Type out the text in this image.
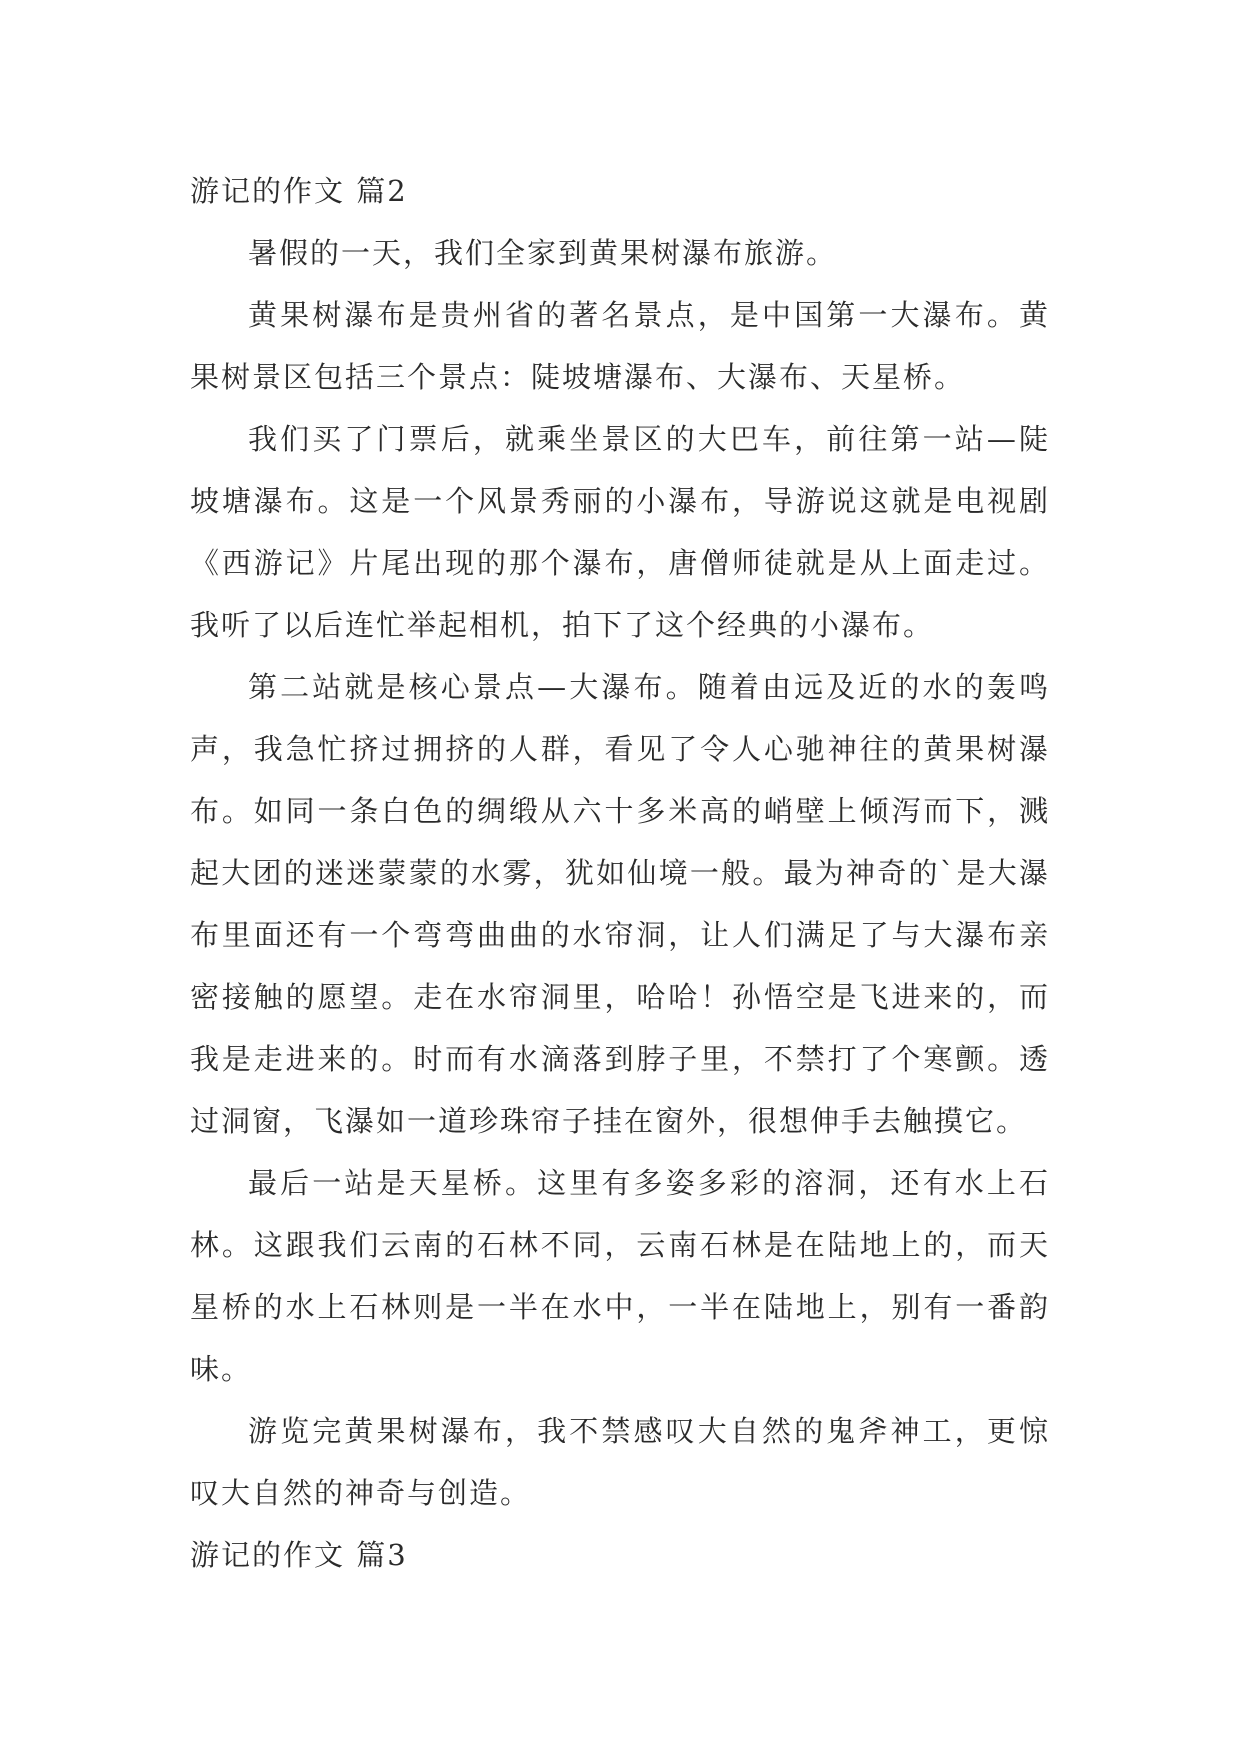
游记的作文 篇2

暑假的一天，我们全家到黄果树瀑布旅游。

黄果树瀑布是贵州省的著名景点，是中国第一大瀑布。黄果树景区包括三个景点：陡坡塘瀑布、大瀑布、天星桥。

我们买了门票后，就乘坐景区的大巴车，前往第一站—陡坡塘瀑布。这是一个风景秀丽的小瀑布，导游说这就是电视剧《西游记》片尾出现的那个瀑布，唐僧师徒就是从上面走过。我听了以后连忙举起相机，拍下了这个经典的小瀑布。

第二站就是核心景点—大瀑布。随着由远及近的水的轰鸣声，我急忙挤过拥挤的人群，看见了令人心驰神往的黄果树瀑布。如同一条白色的绸缎从六十多米高的峭壁上倾泻而下，溅起大团的迷迷蒙蒙的水雾，犹如仙境一般。最为神奇的`是大瀑布里面还有一个弯弯曲曲的水帘洞，让人们满足了与大瀑布亲密接触的愿望。走在水帘洞里，哈哈！孙悟空是飞进来的，而我是走进来的。时而有水滴落到脖子里，不禁打了个寒颤。透过洞窗，飞瀑如一道珍珠帘子挂在窗外，很想伸手去触摸它。

最后一站是天星桥。这里有多姿多彩的溶洞，还有水上石林。这跟我们云南的石林不同，云南石林是在陆地上的，而天星桥的水上石林则是一半在水中，一半在陆地上，别有一番韵味。

游览完黄果树瀑布，我不禁感叹大自然的鬼斧神工，更惊叹大自然的神奇与创造。

游记的作文 篇3
